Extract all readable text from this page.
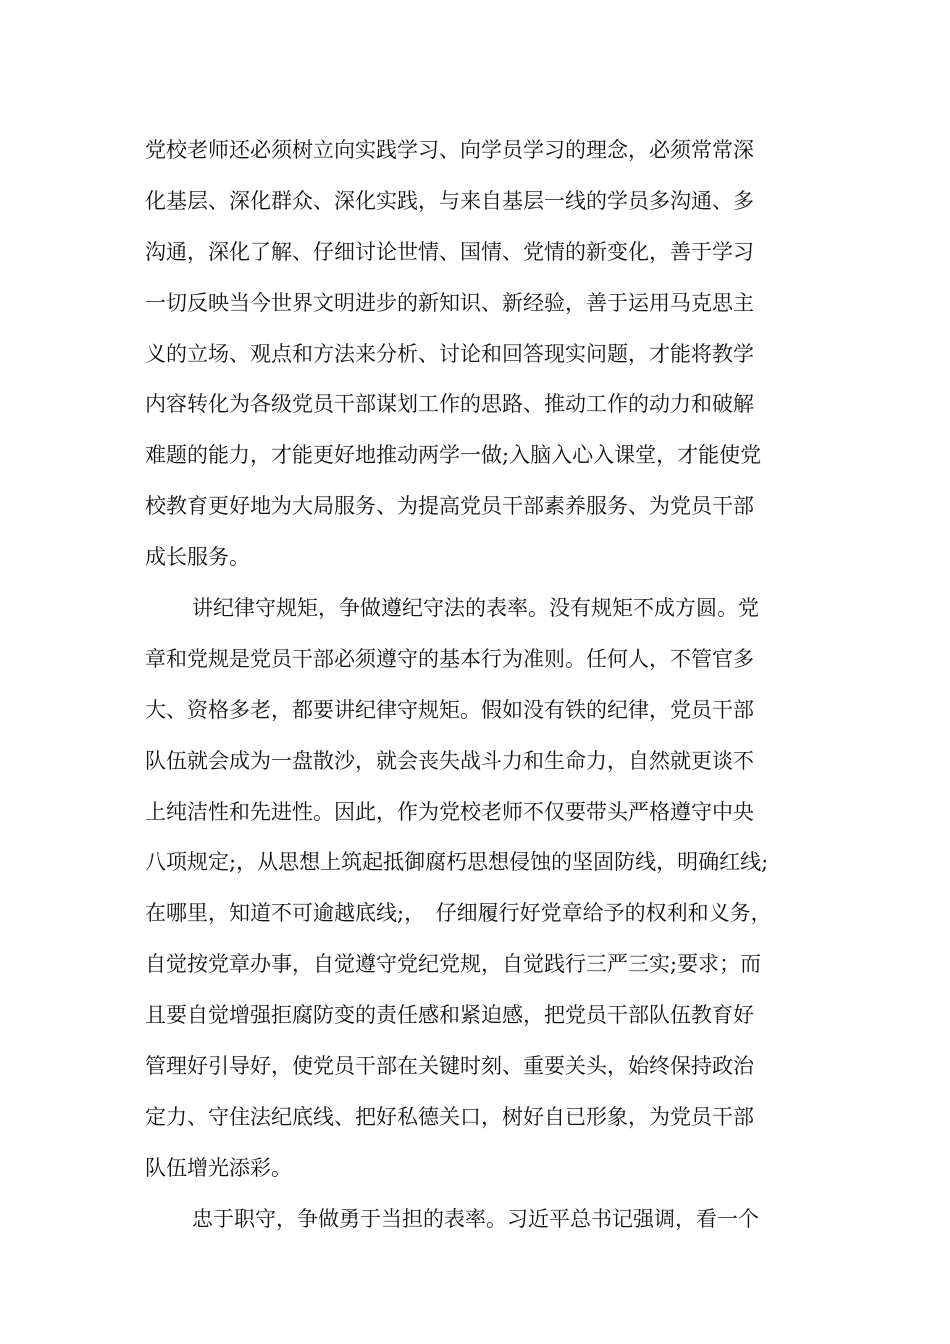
党校老师还必须树立向实践学习、向学员学习的理念，必须常常深
化基层、深化群众、深化实践，与来自基层一线的学员多沟通、多
沟通，深化了解、仔细讨论世情、国情、党情的新变化，善于学习
一切反映当今世界文明进步的新知识、新经验，善于运用马克思主
义的立场、观点和方法来分析、讨论和回答现实问题，才能将教学
内容转化为各级党员干部谋划工作的思路、推动工作的动力和破解
难题的能力，才能更好地推动两学一做;入脑入心入课堂，才能使党
校教育更好地为大局服务、为提高党员干部素养服务、为党员干部
成长服务。
讲纪律守规矩，争做遵纪守法的表率。没有规矩不成方圆。党
章和党规是党员干部必须遵守的基本行为准则。任何人，不管官多
大、资格多老，都要讲纪律守规矩。假如没有铁的纪律，党员干部
队伍就会成为一盘散沙，就会丧失战斗力和生命力，自然就更谈不
上纯洁性和先进性。因此，作为党校老师不仅要带头严格遵守中央
八项规定;，从思想上筑起抵御腐朽思想侵蚀的坚固防线，明确红线;
在哪里，知道不可逾越底线;，　仔细履行好党章给予的权利和义务，
自觉按党章办事，自觉遵守党纪党规，自觉践行三严三实;要求；而
且要自觉增强拒腐防变的责任感和紧迫感，把党员干部队伍教育好
管理好引导好，使党员干部在关键时刻、重要关头，始终保持政治
定力、守住法纪底线、把好私德关口，树好自已形象，为党员干部
队伍增光添彩。
忠于职守，争做勇于当担的表率。习近平总书记强调，看一个
